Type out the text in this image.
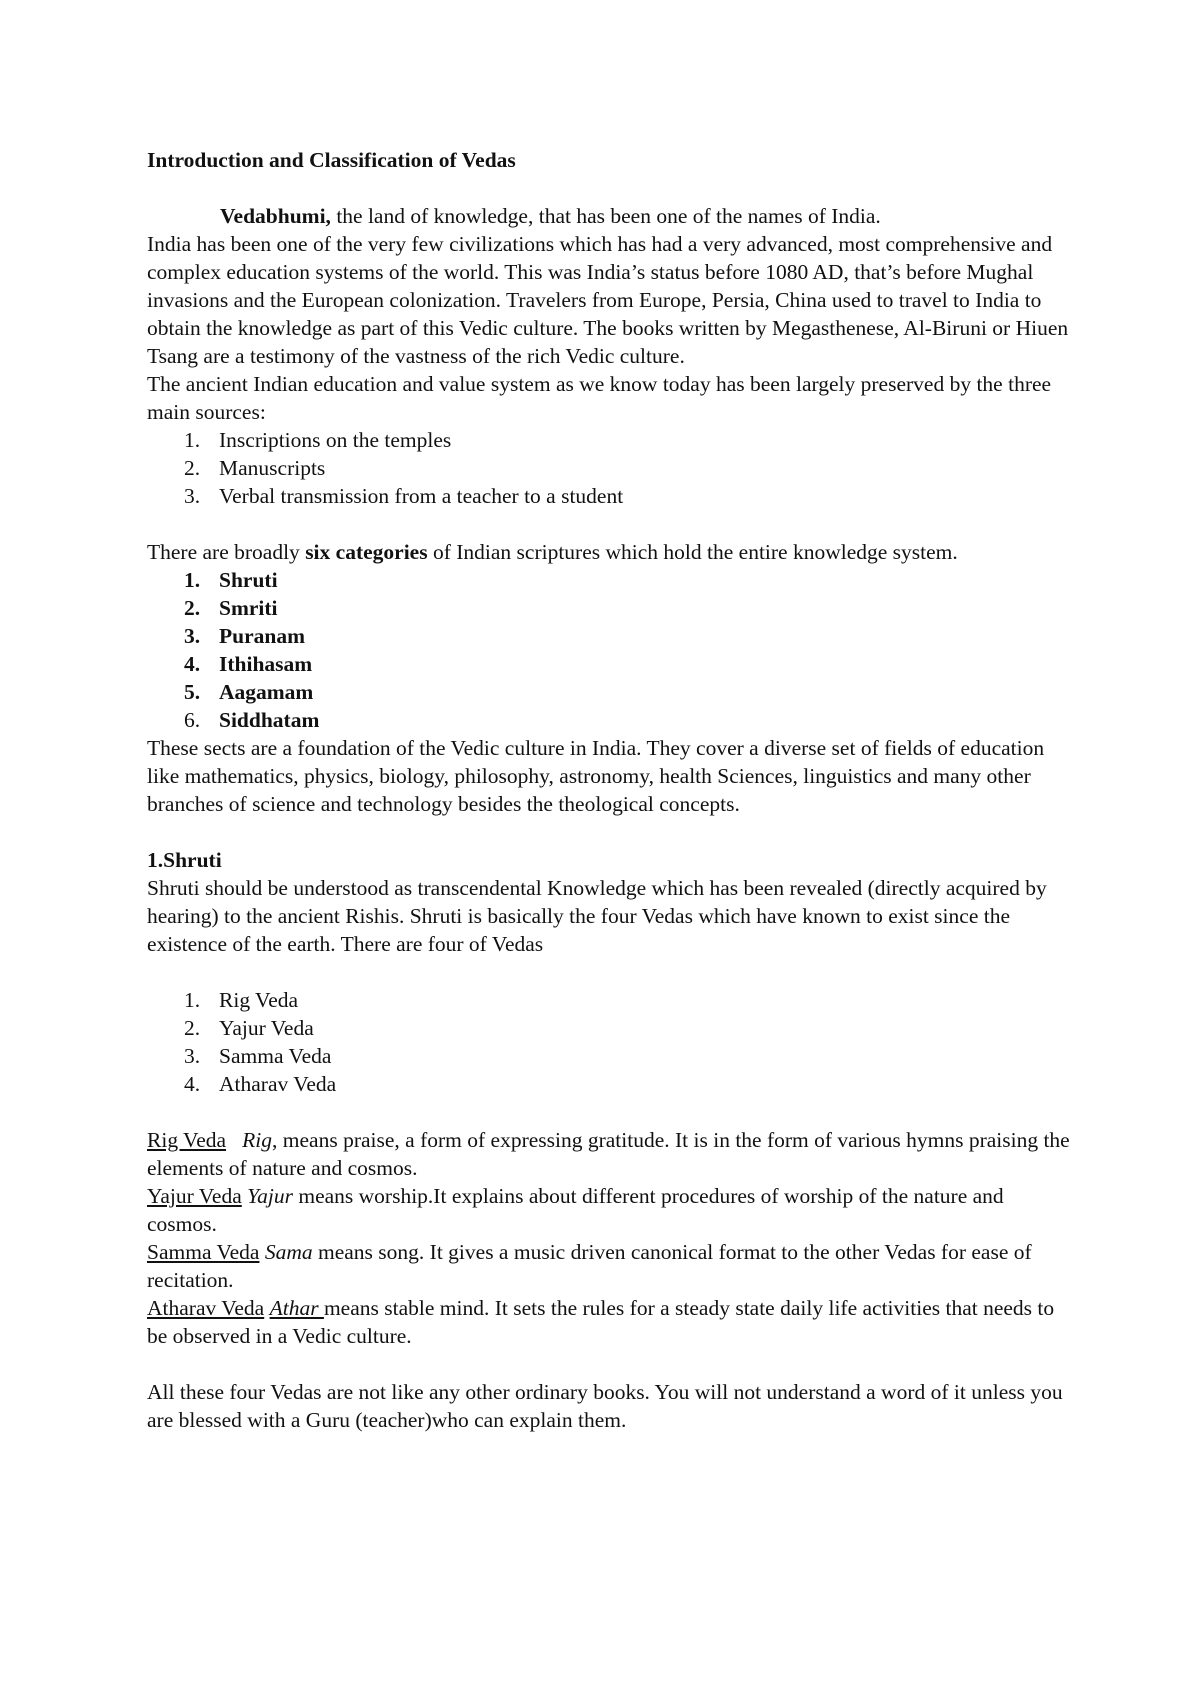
Introduction and Classification of Vedas

Vedabhumi, the land of knowledge, that has been one of the names of India.

India has been one of the very few civilizations which has had a very advanced, most comprehensive and complex education systems of the world. This was India’s status before 1080 AD, that’s before Mughal invasions and the European colonization. Travelers from Europe, Persia, China used to travel to India to obtain the knowledge as part of this Vedic culture. The books written by Megasthenese, Al-Biruni or Hiuen Tsang are a testimony of the vastness of the rich Vedic culture.

The ancient Indian education and value system as we know today has been largely preserved by the three main sources:

1. Inscriptions on the temples
2. Manuscripts
3. Verbal transmission from a teacher to a student

There are broadly six categories of Indian scriptures which hold the entire knowledge system.

1. Shruti
2. Smriti
3. Puranam
4. Ithihasam
5. Aagamam
6. Siddhatam

These sects are a foundation of the Vedic culture in India. They cover a diverse set of fields of education like mathematics, physics, biology, philosophy, astronomy, health Sciences, linguistics and many other branches of science and technology besides the theological concepts.

1.Shruti

Shruti should be understood as transcendental Knowledge which has been revealed (directly acquired by hearing) to the ancient Rishis. Shruti is basically the four Vedas which have known to exist since the existence of the earth. There are four of Vedas

1. Rig Veda
2. Yajur Veda
3. Samma Veda
4. Atharav Veda

Rig Veda Rig, means praise, a form of expressing gratitude. It is in the form of various hymns praising the elements of nature and cosmos.

Yajur Veda Yajur means worship.It explains about different procedures of worship of the nature and cosmos.

Samma Veda Sama means song. It gives a music driven canonical format to the other Vedas for ease of recitation.

Atharav Veda Athar means stable mind. It sets the rules for a steady state daily life activities that needs to be observed in a Vedic culture.

All these four Vedas are not like any other ordinary books. You will not understand a word of it unless you are blessed with a Guru (teacher)who can explain them.
